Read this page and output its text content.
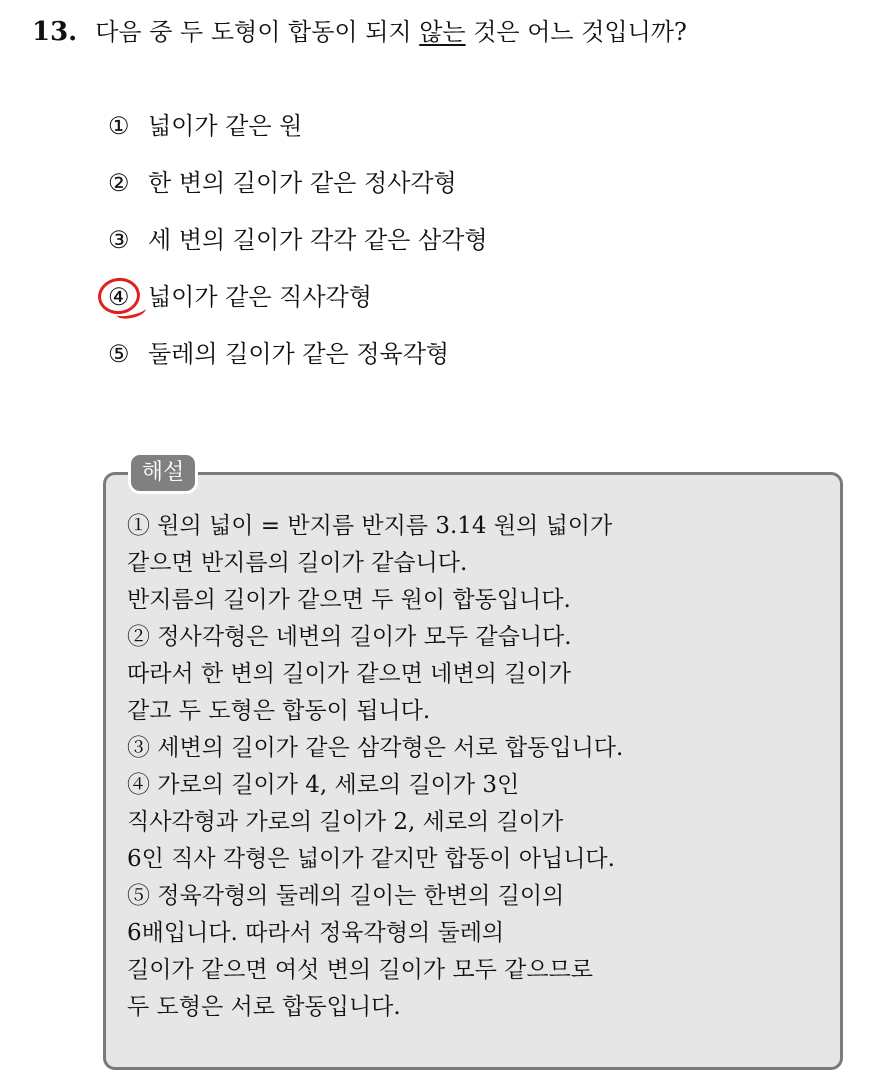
13. 다음 중 두 도형이 합동이 되지 않는 것은 어느 것입니까?
① 넓이가 같은 원
② 한 변의 길이가 같은 정사각형
③ 세 변의 길이가 각각 같은 삼각형
④ 넓이가 같은 직사각형
⑤ 둘레의 길이가 같은 정육각형
해설
① 원의 넓이 = 반지름 반지름 3.14 원의 넓이가
같으면 반지름의 길이가 같습니다.
반지름의 길이가 같으면 두 원이 합동입니다.
② 정사각형은 네변의 길이가 모두 같습니다.
따라서 한 변의 길이가 같으면 네변의 길이가
같고 두 도형은 합동이 됩니다.
③ 세변의 길이가 같은 삼각형은 서로 합동입니다.
④ 가로의 길이가 4, 세로의 길이가 3인
직사각형과 가로의 길이가 2, 세로의 길이가
6인 직사 각형은 넓이가 같지만 합동이 아닙니다.
⑤ 정육각형의 둘레의 길이는 한변의 길이의
6배입니다. 따라서 정육각형의 둘레의
길이가 같으면 여섯 변의 길이가 모두 같으므로
두 도형은 서로 합동입니다.
